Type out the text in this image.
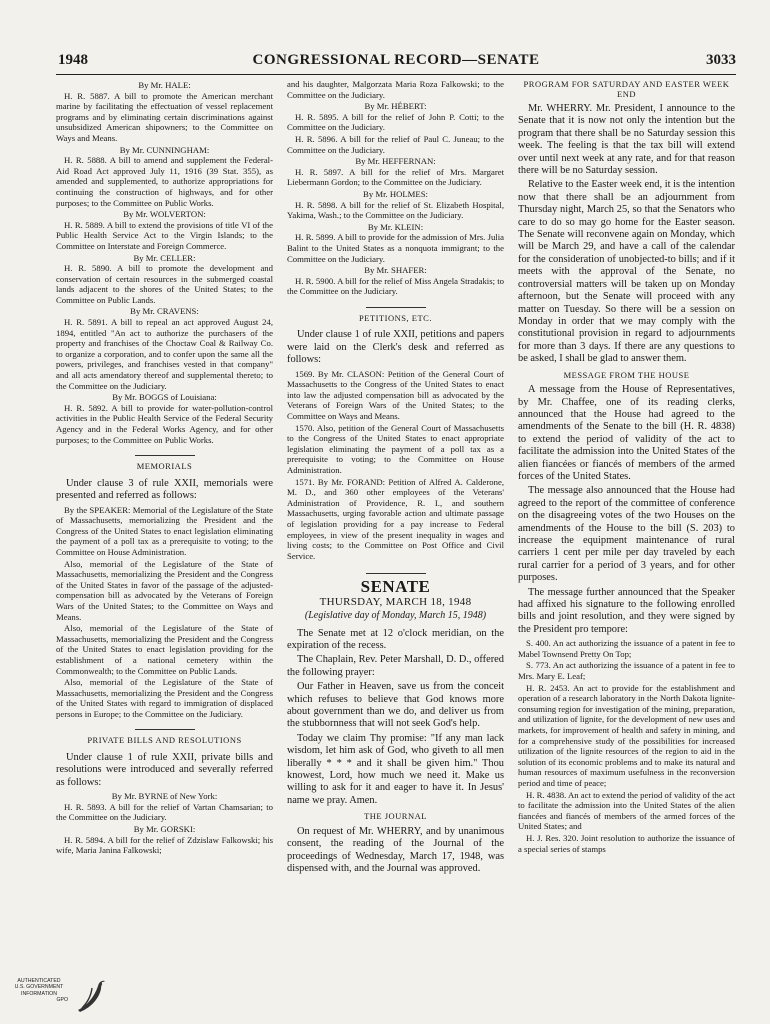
1948	CONGRESSIONAL RECORD—SENATE	3033

By Mr. HALE:

H. R. 5887. A bill to promote the American merchant marine by facilitating the effectuation of vessel replacement programs and by eliminating certain discriminations against unsubsidized American shipowners; to the Committee on Ways and Means.

By Mr. CUNNINGHAM:

H. R. 5888. A bill to amend and supplement the Federal-Aid Road Act approved July 11, 1916 (39 Stat. 355), as amended and supplemented, to authorize appropriations for continuing the construction of highways, and for other purposes; to the Committee on Public Works.

By Mr. WOLVERTON:

H. R. 5889. A bill to extend the provisions of title VI of the Public Health Service Act to the Virgin Islands; to the Committee on Interstate and Foreign Commerce.

By Mr. CELLER:

H. R. 5890. A bill to promote the development and conservation of certain resources in the submerged coastal lands adjacent to the shores of the United States; to the Committee on Public Lands.

By Mr. CRAVENS:

H. R. 5891. A bill to repeal an act approved August 24, 1894, entitled "An act to authorize the purchasers of the property and franchises of the Choctaw Coal & Railway Co. to organize a corporation, and to confer upon the same all the powers, privileges, and franchises vested in that company" and all acts amendatory thereof and supplemental thereto; to the Committee on the Judiciary.

By Mr. BOGGS of Louisiana:

H. R. 5892. A bill to provide for water-pollution-control activities in the Public Health Service of the Federal Security Agency and in the Federal Works Agency, and for other purposes; to the Committee on Public Works.

MEMORIALS

Under clause 3 of rule XXII, memorials were presented and referred as follows:

By the SPEAKER: Memorial of the Legislature of the State of Massachusetts, memorializing the President and the Congress of the United States to enact legislation eliminating the payment of a poll tax as a prerequisite to voting; to the Committee on House Administration.

Also, memorial of the Legislature of the State of Massachusetts, memorializing the President and the Congress of the United States in favor of the passage of the adjusted-compensation bill as advocated by the Veterans of Foreign Wars of the United States; to the Committee on Ways and Means.

Also, memorial of the Legislature of the State of Massachusetts, memorializing the President and the Congress of the United States to enact legislation providing for the establishment of a national cemetery within the Commonwealth; to the Committee on Public Lands.

Also, memorial of the Legislature of the State of Massachusetts, memorializing the President and the Congress of the United States with regard to immigration of displaced persons in Europe; to the Committee on the Judiciary.

PRIVATE BILLS AND RESOLUTIONS

Under clause 1 of rule XXII, private bills and resolutions were introduced and severally referred as follows:

By Mr. BYRNE of New York:

H. R. 5893. A bill for the relief of Vartan Chamsarian; to the Committee on the Judiciary.

By Mr. GORSKI:

H. R. 5894. A bill for the relief of Zdzislaw Falkowski; his wife, Maria Janina Falkowski;

and his daughter, Malgorzata Maria Roza Falkowski; to the Committee on the Judiciary.

By Mr. HÉBERT:

H. R. 5895. A bill for the relief of John P. Cotti; to the Committee on the Judiciary.

H. R. 5896. A bill for the relief of Paul C. Juneau; to the Committee on the Judiciary.

By Mr. HEFFERNAN:

H. R. 5897. A bill for the relief of Mrs. Margaret Liebermann Gordon; to the Committee on the Judiciary.

By Mr. HOLMES:

H. R. 5898. A bill for the relief of St. Elizabeth Hospital, Yakima, Wash.; to the Committee on the Judiciary.

By Mr. KLEIN:

H. R. 5899. A bill to provide for the admission of Mrs. Julia Balint to the United States as a nonquota immigrant; to the Committee on the Judiciary.

By Mr. SHAFER:

H. R. 5900. A bill for the relief of Miss Angela Stradakis; to the Committee on the Judiciary.

PETITIONS, ETC.

Under clause 1 of rule XXII, petitions and papers were laid on the Clerk's desk and referred as follows:

1569. By Mr. CLASON: Petition of the General Court of Massachusetts to the Congress of the United States to enact into law the adjusted compensation bill as advocated by the Veterans of Foreign Wars of the United States; to the Committee on Ways and Means.

1570. Also, petition of the General Court of Massachusetts to the Congress of the United States to enact appropriate legislation eliminating the payment of a poll tax as a prerequisite to voting; to the Committee on House Administration.

1571. By Mr. FORAND: Petition of Alfred A. Calderone, M. D., and 360 other employees of the Veterans' Administration of Providence, R. I., and southern Massachusetts, urging favorable action and ultimate passage of legislation providing for a pay increase to Federal employees, in view of the present inequality in wages and living costs; to the Committee on Post Office and Civil Service.

SENATE
THURSDAY, MARCH 18, 1948
(Legislative day of Monday, March 15, 1948)

The Senate met at 12 o'clock meridian, on the expiration of the recess.

The Chaplain, Rev. Peter Marshall, D. D., offered the following prayer:

Our Father in Heaven, save us from the conceit which refuses to believe that God knows more about government than we do, and deliver us from the stubbornness that will not seek God's help.

Today we claim Thy promise: "If any man lack wisdom, let him ask of God, who giveth to all men liberally * * * and it shall be given him." Thou knowest, Lord, how much we need it. Make us willing to ask for it and eager to have it. In Jesus' name we pray. Amen.

THE JOURNAL

On request of Mr. WHERRY, and by unanimous consent, the reading of the Journal of the proceedings of Wednesday, March 17, 1948, was dispensed with, and the Journal was approved.

PROGRAM FOR SATURDAY AND EASTER WEEK END

Mr. WHERRY. Mr. President, I announce to the Senate that it is now not only the intention but the program that there shall be no Saturday session this week. The feeling is that the tax bill will extend over until next week at any rate, and for that reason there will be no Saturday session.

Relative to the Easter week end, it is the intention now that there shall be an adjournment from Thursday night, March 25, so that the Senators who care to do so may go home for the Easter season. The Senate will reconvene again on Monday, which will be March 29, and have a call of the calendar for the consideration of unobjected-to bills; and if it meets with the approval of the Senate, no controversial matters will be taken up on Monday afternoon, but the Senate will proceed with any matter on Tuesday. So there will be a session on Monday in order that we may comply with the constitutional provision in regard to adjournments for more than 3 days. If there are any questions to be asked, I shall be glad to answer them.

MESSAGE FROM THE HOUSE

A message from the House of Representatives, by Mr. Chaffee, one of its reading clerks, announced that the House had agreed to the amendments of the Senate to the bill (H. R. 4838) to extend the period of validity of the act to facilitate the admission into the United States of the alien fiancées or fiancés of members of the armed forces of the United States.

The message also announced that the House had agreed to the report of the committee of conference on the disagreeing votes of the two Houses on the amendments of the House to the bill (S. 203) to increase the equipment maintenance of rural carriers 1 cent per mile per day traveled by each rural carrier for a period of 3 years, and for other purposes.

The message further announced that the Speaker had affixed his signature to the following enrolled bills and joint resolution, and they were signed by the President pro tempore:

S. 400. An act authorizing the issuance of a patent in fee to Mabel Townsend Pretty On Top;

S. 773. An act authorizing the issuance of a patent in fee to Mrs. Mary E. Leaf;

H. R. 2453. An act to provide for the establishment and operation of a research laboratory in the North Dakota lignite-consuming region for investigation of the mining, preparation, and utilization of lignite, for the development of new uses and markets, for improvement of health and safety in mining, and for a comprehensive study of the possibilities for increased utilization of the lignite resources of the region to aid in the solution of its economic problems and to make its natural and human resources of maximum usefulness in the reconversion period and time of peace;

H. R. 4838. An act to extend the period of validity of the act to facilitate the admission into the United States of the alien fiancées and fiancés of members of the armed forces of the United States; and

H. J. Res. 320. Joint resolution to authorize the issuance of a special series of stamps

AUTHENTICATED
U.S. GOVERNMENT
INFORMATION
GPO
